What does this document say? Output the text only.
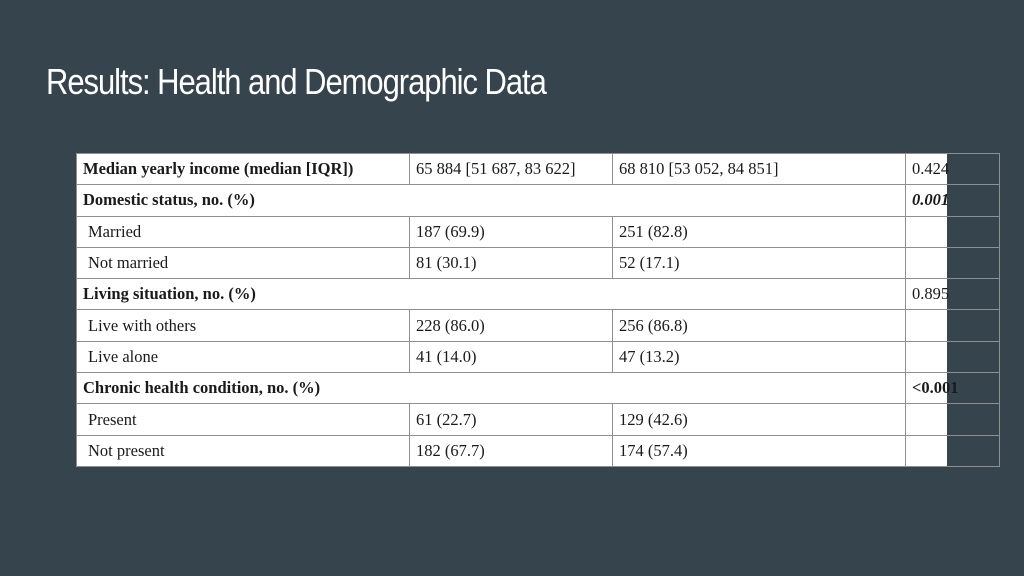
Results: Health and Demographic Data
Median yearly income (median [IQR])	65 884 [51 687, 83 622]	68 810 [53 052, 84 851]	0.424
Domestic status, no. (%)			0.001
Married	187 (69.9)	251 (82.8)	
Not married	81 (30.1)	52 (17.1)	
Living situation, no. (%)			0.895
Live with others	228 (86.0)	256 (86.8)	
Live alone	41 (14.0)	47 (13.2)	
Chronic health condition, no. (%)			<0.001
Present	61 (22.7)	129 (42.6)	
Not present	182 (67.7)	174 (57.4)	
